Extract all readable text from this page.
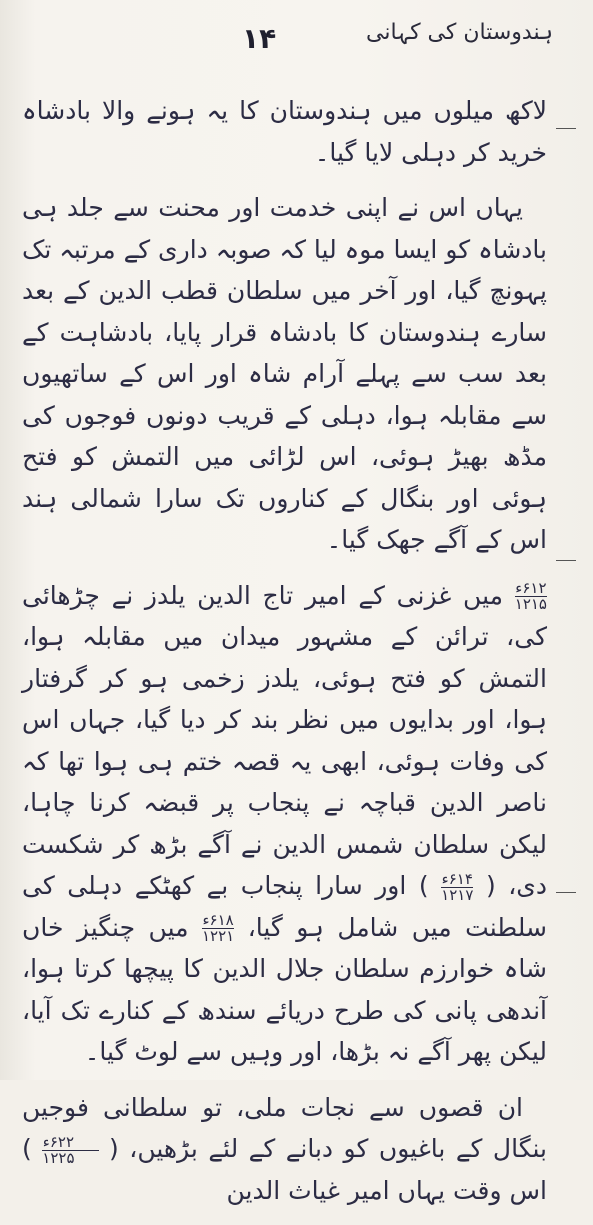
ہندوستان کی کہانی
۱۴

لاکھ میلوں میں ہندوستان کا یہ ہونے والا بادشاہ خرید کر دہلی لایا گیا۔

یہاں اس نے اپنی خدمت اور محنت سے جلد ہی بادشاہ کو ایسا موہ لیا کہ صوبہ داری کے مرتبہ تک پہونچ گیا، اور آخر میں سلطان قطب الدین کے بعد سارے ہندوستان کا بادشاہ قرار پایا، بادشاہت کے بعد سب سے پہلے آرام شاہ اور اس کے ساتھیوں سے مقابلہ ہوا، دہلی کے قریب دونوں فوجوں کی مڈھ بھیڑ ہوئی، اس لڑائی میں التمش کو فتح ہوئی اور بنگال کے کناروں تک سارا شمالی ہند اس کے آگے جھک گیا۔

۶۱۲ء
۱۲۱۵
میں غزنی کے امیر تاج الدین یلدز نے چڑھائی کی، ترائن کے مشہور میدان میں مقابلہ ہوا، التمش کو فتح ہوئی، یلدز زخمی ہو کر گرفتار ہوا، اور بدایوں میں نظر بند کر دیا گیا، جہاں اس کی وفات ہوئی، ابھی یہ قصہ ختم ہی ہوا تھا کہ ناصر الدین قباچہ نے پنجاب پر قبضہ کرنا چاہا، لیکن سلطان شمس الدین نے آگے بڑھ کر شکست دی، (
۶۱۴ء
۱۲۱۷
) اور سارا پنجاب بے کھٹکے دہلی کی سلطنت میں شامل ہو گیا،
۶۱۸ء
۱۲۲۱
میں چنگیز خاں شاہ خوارزم سلطان جلال الدین کا پیچھا کرتا ہوا، آندھی پانی کی طرح دریائے سندھ کے کنارے تک آیا، لیکن پھر آگے نہ بڑھا، اور وہیں سے لوٹ گیا۔

ان قصوں سے نجات ملی، تو سلطانی فوجیں بنگال کے باغیوں کو دبانے کے لئے بڑھیں، (
۶۲۲ء
۱۲۲۵
) اس وقت یہاں امیر غیاث الدین
